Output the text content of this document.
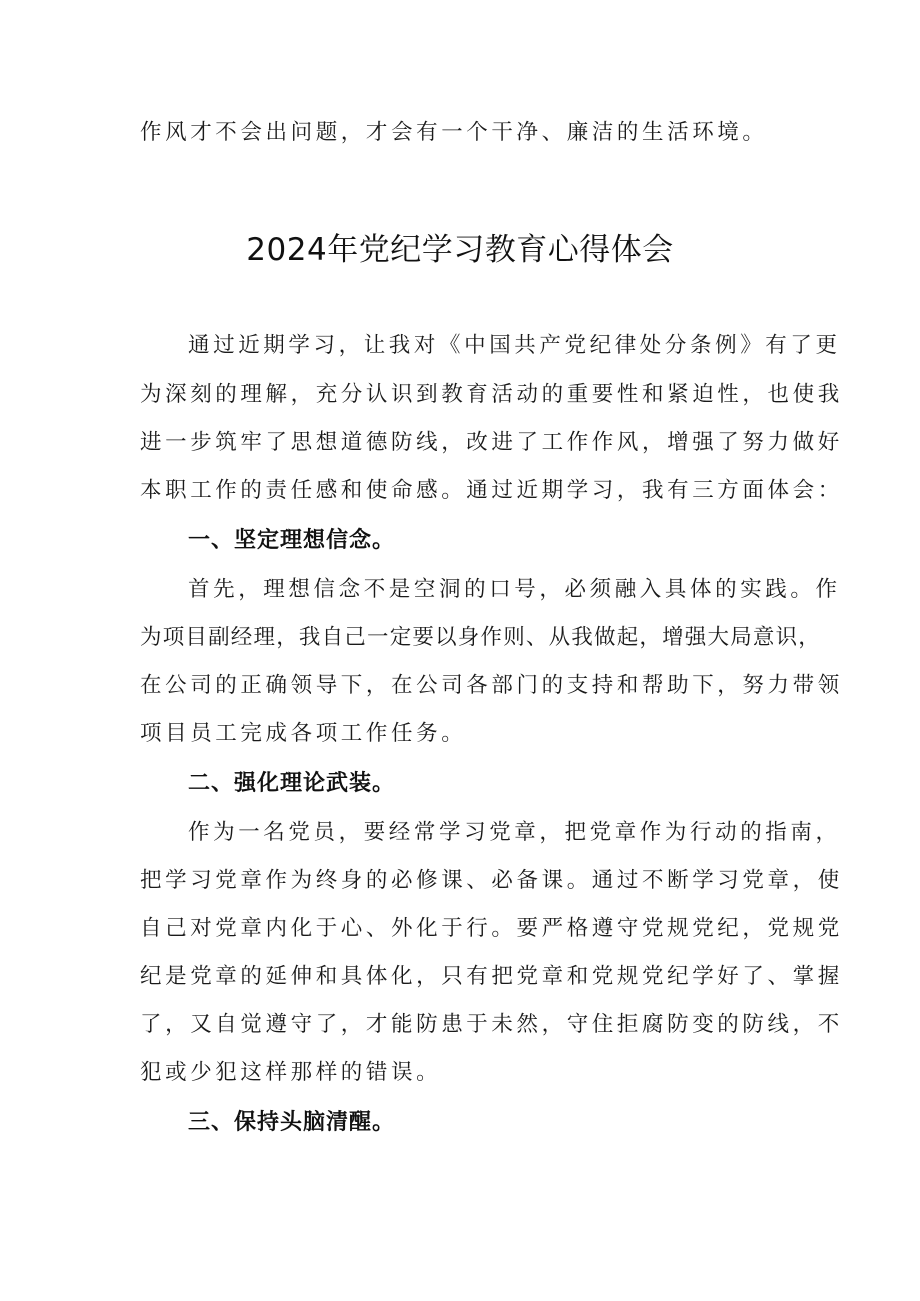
作风才不会出问题，才会有一个干净、廉洁的生活环境。
2024年党纪学习教育心得体会
通过近期学习，让我对《中国共产党纪律处分条例》有了更
为深刻的理解，充分认识到教育活动的重要性和紧迫性，也使我
进一步筑牢了思想道德防线，改进了工作作风，增强了努力做好
本职工作的责任感和使命感。通过近期学习，我有三方面体会：
一、坚定理想信念。
首先，理想信念不是空洞的口号，必须融入具体的实践。作
为项目副经理，我自己一定要以身作则、从我做起，增强大局意识，
在公司的正确领导下，在公司各部门的支持和帮助下，努力带领
项目员工完成各项工作任务。
二、强化理论武装。
作为一名党员，要经常学习党章，把党章作为行动的指南，
把学习党章作为终身的必修课、必备课。通过不断学习党章，使
自己对党章内化于心、外化于行。要严格遵守党规党纪，党规党
纪是党章的延伸和具体化，只有把党章和党规党纪学好了、掌握
了，又自觉遵守了，才能防患于未然，守住拒腐防变的防线，不
犯或少犯这样那样的错误。
三、保持头脑清醒。
